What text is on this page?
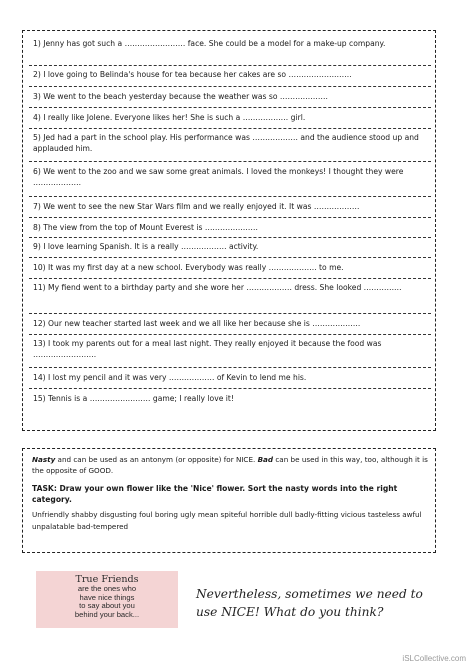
1) Jenny has got such a …………………… face. She could be a model for a make-up company.
2) I love going to Belinda's house for tea because her cakes are so …………………….
3) We went to the beach yesterday because the weather was so ……………….
4) I really like Jolene. Everyone likes her! She is such a ……………… girl.
5) Jed had a part in the school play. His performance was ……………… and the audience stood up and applauded him.
6) We went to the zoo and we saw some great animals. I loved the monkeys! I thought they were ……………….
7) We went to see the new Star Wars film and we really enjoyed it. It was ………………
8) The view from the top of Mount Everest is …………………
9) I love learning Spanish. It is a really ……………… activity.
10) It was my first day at a new school. Everybody was really ………………. to me.
11) My fiend went to a birthday party and she wore her ……………… dress. She looked ……………
12) Our new teacher started last week and we all like her because she is ……………….
13) I took my parents out for a meal last night. They really enjoyed it because the food was …………………….
14) I lost my pencil and it was very ……………… of Kevin to lend me his.
15) Tennis is a …………………… game; I really love it!
Nasty and can be used as an antonym (or opposite) for NICE. Bad can be used in this way, too, although it is the opposite of GOOD.
TASK: Draw your own flower like the 'Nice' flower. Sort the nasty words into the right category.
Unfriendly shabby disgusting foul boring ugly mean spiteful horrible dull badly-fitting vicious tasteless awful unpalatable bad-tempered
True Friends
are the ones who
have nice things
to say about you
behind your back...
Nevertheless, sometimes we need to use NICE! What do you think?
iSLCollective.com
